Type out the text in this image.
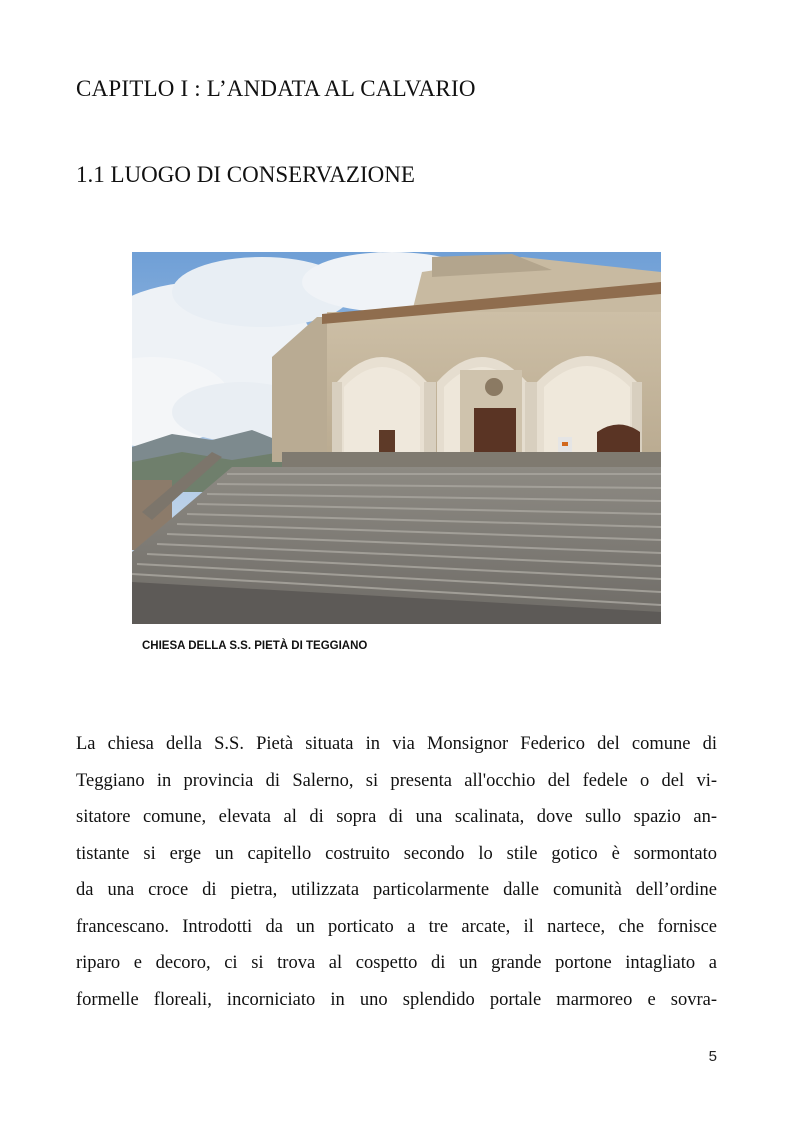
CAPITLO I : L’ANDATA AL CALVARIO
1.1 LUOGO DI CONSERVAZIONE
CHIESA DELLA S.S. PIETÀ DI TEGGIANO
La chiesa della S.S. Pietà situata in via Monsignor Federico del comune di
Teggiano in provincia di Salerno, si presenta all'occhio del fedele o del vi-
sitatore comune, elevata al di sopra di una scalinata, dove sullo spazio an-
tistante si erge un capitello costruito secondo lo stile gotico è sormontato
da una croce di pietra, utilizzata particolarmente dalle comunità dell’ordine
francescano. Introdotti da un porticato a tre arcate, il nartece, che fornisce
riparo e decoro, ci si trova al cospetto di un grande portone intagliato a
formelle floreali, incorniciato in uno splendido portale marmoreo e sovra-
5
